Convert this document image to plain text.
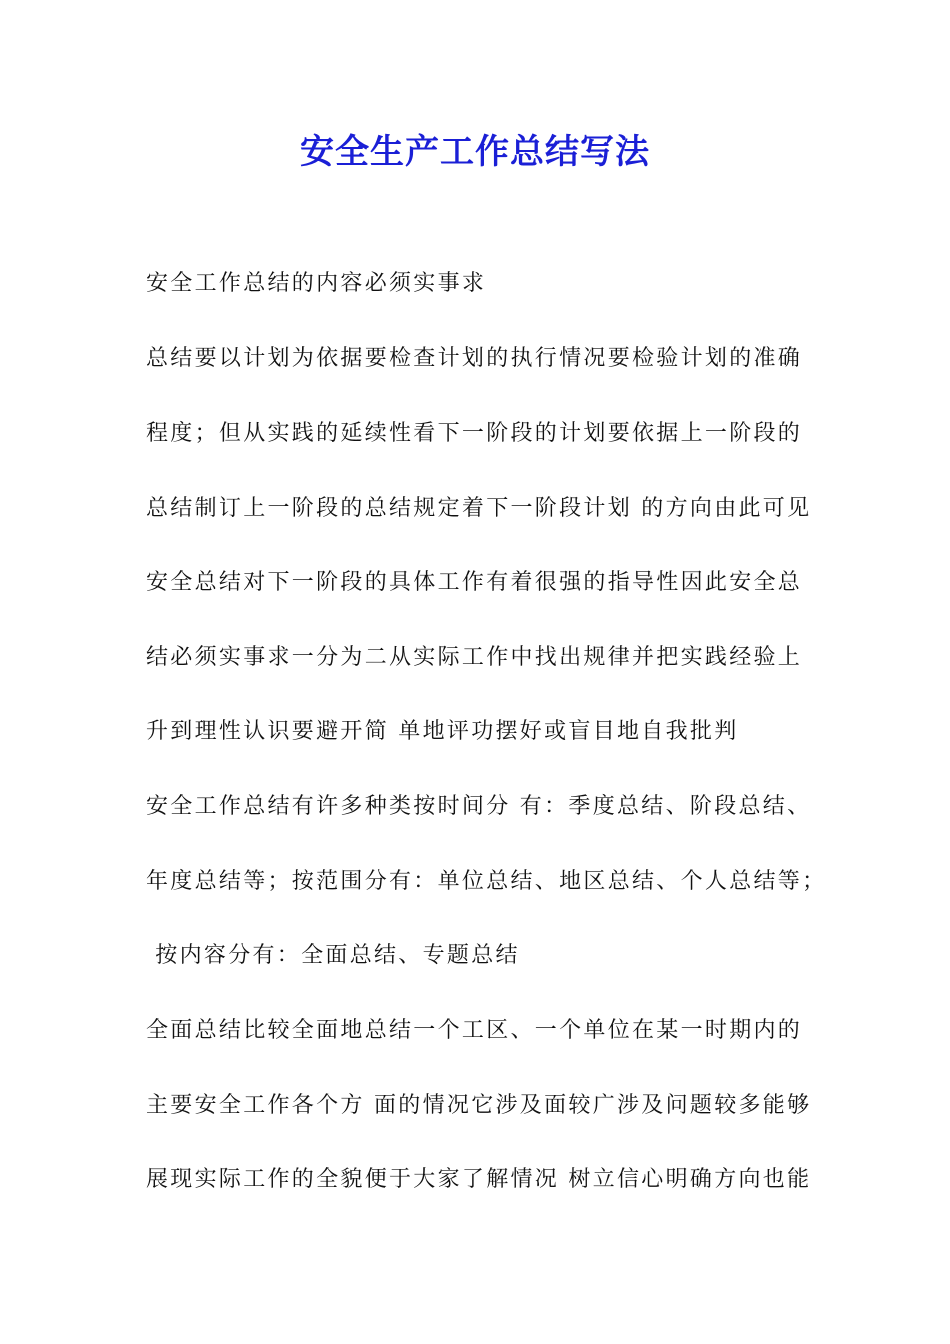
安全生产工作总结写法
安全工作总结的内容必须实事求
总结要以计划为依据要检查计划的执行情况要检验计划的准确
程度；但从实践的延续性看下一阶段的计划要依据上一阶段的
总结制订上一阶段的总结规定着下一阶段计划 的方向由此可见
安全总结对下一阶段的具体工作有着很强的指导性因此安全总
结必须实事求一分为二从实际工作中找出规律并把实践经验上
升到理性认识要避开简 单地评功摆好或盲目地自我批判
安全工作总结有许多种类按时间分 有：季度总结、阶段总结、
年度总结等；按范围分有：单位总结、地区总结、个人总结等；
按内容分有：全面总结、专题总结
全面总结比较全面地总结一个工区、一个单位在某一时期内的
主要安全工作各个方 面的情况它涉及面较广涉及问题较多能够
展现实际工作的全貌便于大家了解情况 树立信心明确方向也能
